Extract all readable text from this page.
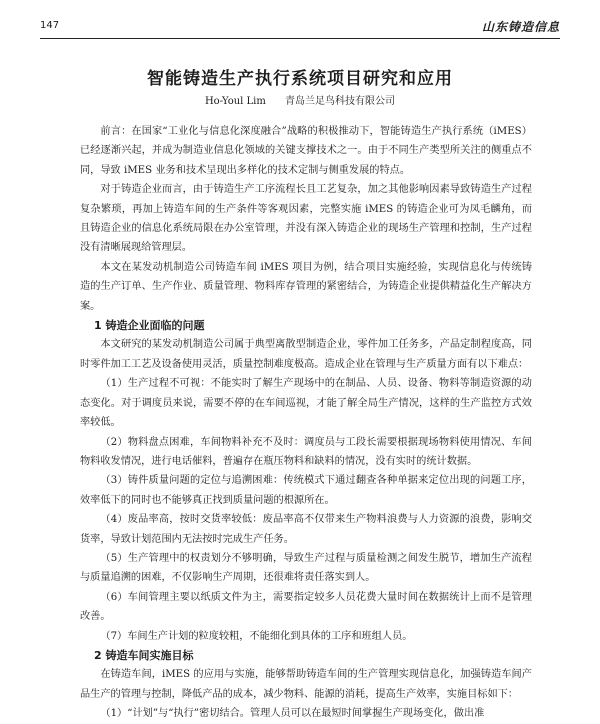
147	山东铸造信息
智能铸造生产执行系统项目研究和应用
Ho-Youl Lim 青岛兰足鸟科技有限公司

前言：在国家“工业化与信息化深度融合”战略的积极推动下，智能铸造生产执行系统（iMES）已经逐渐兴起，并成为制造业信息化领域的关键支撑技术之一。由于不同生产类型所关注的侧重点不同，导致 iMES 业务和技术呈现出多样化的技术定制与侧重发展的特点。

对于铸造企业而言，由于铸造生产工序流程长且工艺复杂，加之其他影响因素导致铸造生产过程复杂繁琐，再加上铸造车间的生产条件等客观因素，完整实施 iMES 的铸造企业可为凤毛麟角，而且铸造企业的信息化系统局限在办公室管理，并没有深入铸造企业的现场生产管理和控制，生产过程没有清晰展现给管理层。

本文在某发动机制造公司铸造车间 iMES 项目为例，结合项目实施经验，实现信息化与传统铸造的生产订单、生产作业、质量管理、物料库存管理的紧密结合，为铸造企业提供精益化生产解决方案。

1 铸造企业面临的问题

本文研究的某发动机制造公司属于典型离散型制造企业，零件加工任务多，产品定制程度高，同时零件加工工艺及设备使用灵活，质量控制难度极高。造成企业在管理与生产质量方面有以下难点：

（1）生产过程不可视：不能实时了解生产现场中的在制品、人员、设备、物料等制造资源的动态变化。对于调度员来说，需要不停的在车间巡视，才能了解全局生产情况，这样的生产监控方式效率较低。

（2）物料盘点困难，车间物料补充不及时：调度员与工段长需要根据现场物料使用情况、车间物料收发情况，进行电话催料，普遍存在瓶压物料和缺料的情况，没有实时的统计数据。

（3）铸件质量问题的定位与追溯困难：传统模式下通过翻查各种单据来定位出现的问题工序，效率低下的同时也不能够真正找到质量问题的根源所在。

（4）废品率高，按时交货率较低：废品率高不仅带来生产物料浪费与人力资源的浪费，影响交货率，导致计划范围内无法按时完成生产任务。

（5）生产管理中的权责划分不够明确，导致生产过程与质量检测之间发生脱节，增加生产流程与质量追溯的困难，不仅影响生产周期，还很难将责任落实到人。

（6）车间管理主要以纸质文件为主，需要指定较多人员花费大量时间在数据统计上而不是管理改善。

（7）车间生产计划的粒度较粗，不能细化到具体的工序和班组人员。

2 铸造车间实施目标

在铸造车间，iMES 的应用与实施，能够帮助铸造车间的生产管理实现信息化，加强铸造车间产品生产的管理与控制，降低产品的成本，减少物料、能源的消耗，提高生产效率，实施目标如下：

（1）“计划”与“执行”密切结合。管理人员可以在最短时间掌握生产现场变化，做出准
